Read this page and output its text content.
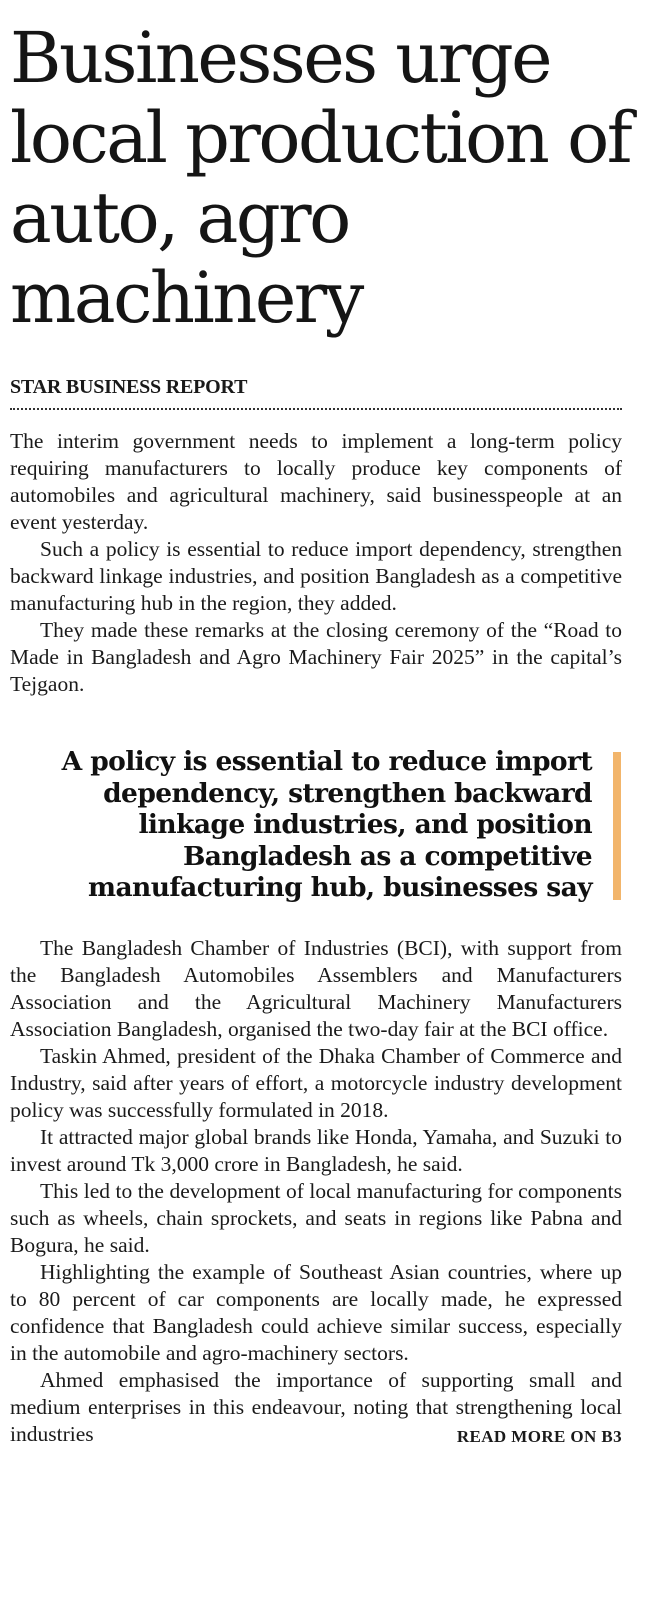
Businesses urge local production of auto, agro machinery
STAR BUSINESS REPORT

The interim government needs to implement a long-term policy requiring manufacturers to locally produce key components of automobiles and agricultural machinery, said businesspeople at an event yesterday.

Such a policy is essential to reduce import dependency, strengthen backward linkage industries, and position Bangladesh as a competitive manufacturing hub in the region, they added.

They made these remarks at the closing ceremony of the “Road to Made in Bangladesh and Agro Machinery Fair 2025” in the capital’s Tejgaon.

A policy is essential to reduce import dependency, strengthen backward linkage industries, and position Bangladesh as a competitive manufacturing hub, businesses say

The Bangladesh Chamber of Industries (BCI), with support from the Bangladesh Automobiles Assemblers and Manufacturers Association and the Agricultural Machinery Manufacturers Association Bangladesh, organised the two-day fair at the BCI office.

Taskin Ahmed, president of the Dhaka Chamber of Commerce and Industry, said after years of effort, a motorcycle industry development policy was successfully formulated in 2018.

It attracted major global brands like Honda, Yamaha, and Suzuki to invest around Tk 3,000 crore in Bangladesh, he said.

This led to the development of local manufacturing for components such as wheels, chain sprockets, and seats in regions like Pabna and Bogura, he said.

Highlighting the example of Southeast Asian countries, where up to 80 percent of car components are locally made, he expressed confidence that Bangladesh could achieve similar success, especially in the automobile and agro-machinery sectors.

Ahmed emphasised the importance of supporting small and medium enterprises in this endeavour, noting that strengthening local industries	READ MORE ON B3
